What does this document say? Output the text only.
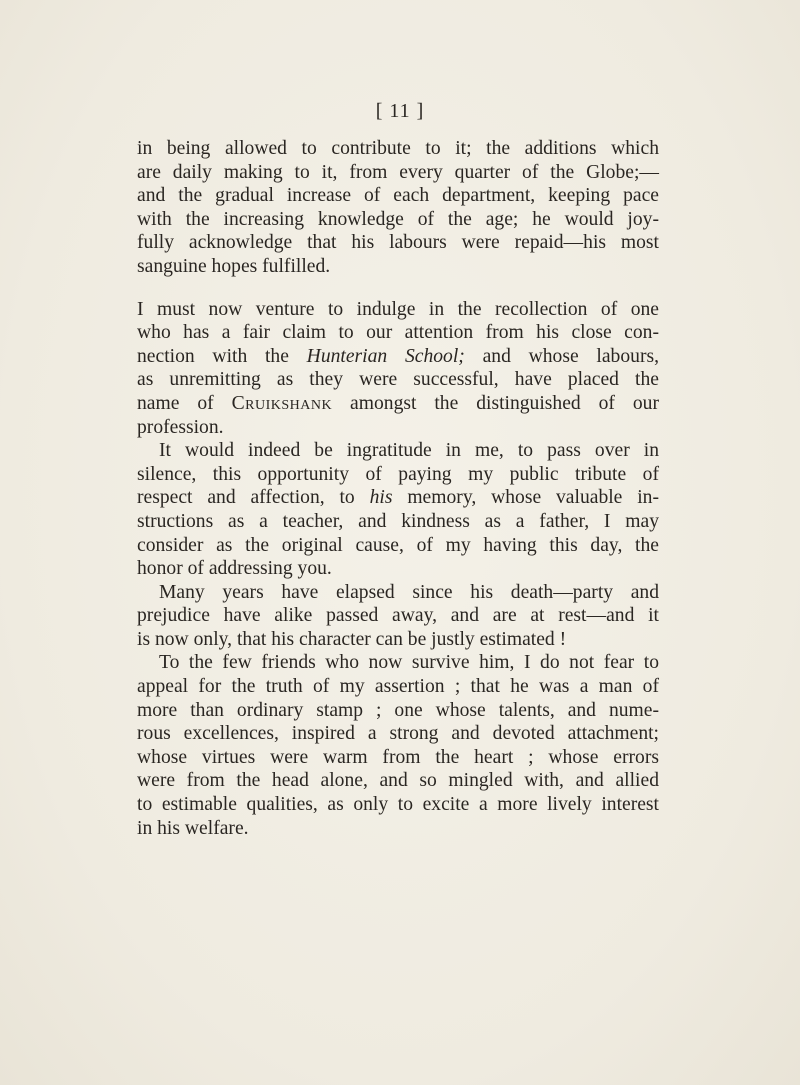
[ 11 ]
in being allowed to contribute to it; the additions which
are daily making to it, from every quarter of the Globe;—
and the gradual increase of each department, keeping pace
with the increasing knowledge of the age; he would joy-
fully acknowledge that his labours were repaid—his most
sanguine hopes fulfilled.
I must now venture to indulge in the recollection of one
who has a fair claim to our attention from his close con-
nection with the Hunterian School; and whose labours,
as unremitting as they were successful, have placed the
name of Cruikshank amongst the distinguished of our
profession.
It would indeed be ingratitude in me, to pass over in
silence, this opportunity of paying my public tribute of
respect and affection, to his memory, whose valuable in-
structions as a teacher, and kindness as a father, I may
consider as the original cause, of my having this day, the
honor of addressing you.
Many years have elapsed since his death—party and
prejudice have alike passed away, and are at rest—and it
is now only, that his character can be justly estimated !
To the few friends who now survive him, I do not fear to
appeal for the truth of my assertion ; that he was a man of
more than ordinary stamp ; one whose talents, and nume-
rous excellences, inspired a strong and devoted attachment;
whose virtues were warm from the heart ; whose errors
were from the head alone, and so mingled with, and allied
to estimable qualities, as only to excite a more lively interest
in his welfare.
